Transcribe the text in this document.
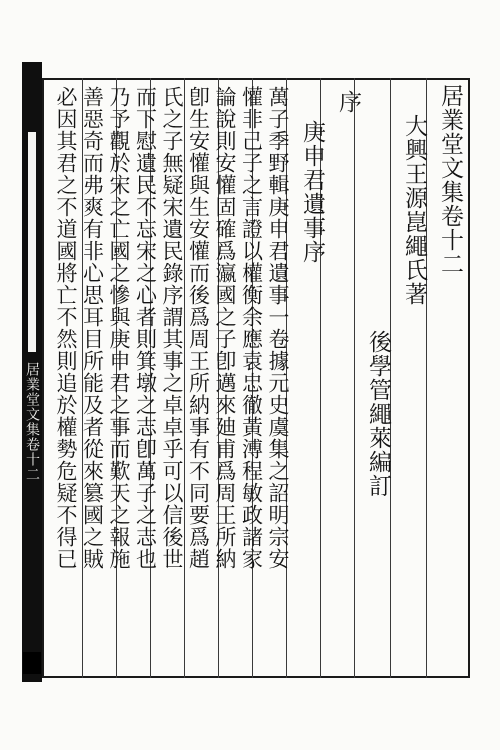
居業堂文集卷十二
居業堂文集卷十二
大興王源崑繩氏著
後學管繩萊編訂
序
庚申君遺事序
萬子季野輯庚申君遺事一卷據元史虞集之詔明宗安
懽非己子之言證以權衡余應袁忠徹黃溥程敏政諸家
論說則安懽固確爲瀛國之子卽邁來廸甫爲周王所納
卽生安懽與生安懽而後爲周王所納事有不同要爲趙
氏之子無疑宋遺民錄序謂其事之卓卓乎可以信後世
而下慰遺民不忘宋之心者則箕墩之志卽萬子之志也
乃予觀於宋之亡國之慘與庚申君之事而歎天之報施
善惡奇而弗爽有非心思耳目所能及者從來篡國之賊
必因其君之不道國將亡不然則追於權勢危疑不得已
